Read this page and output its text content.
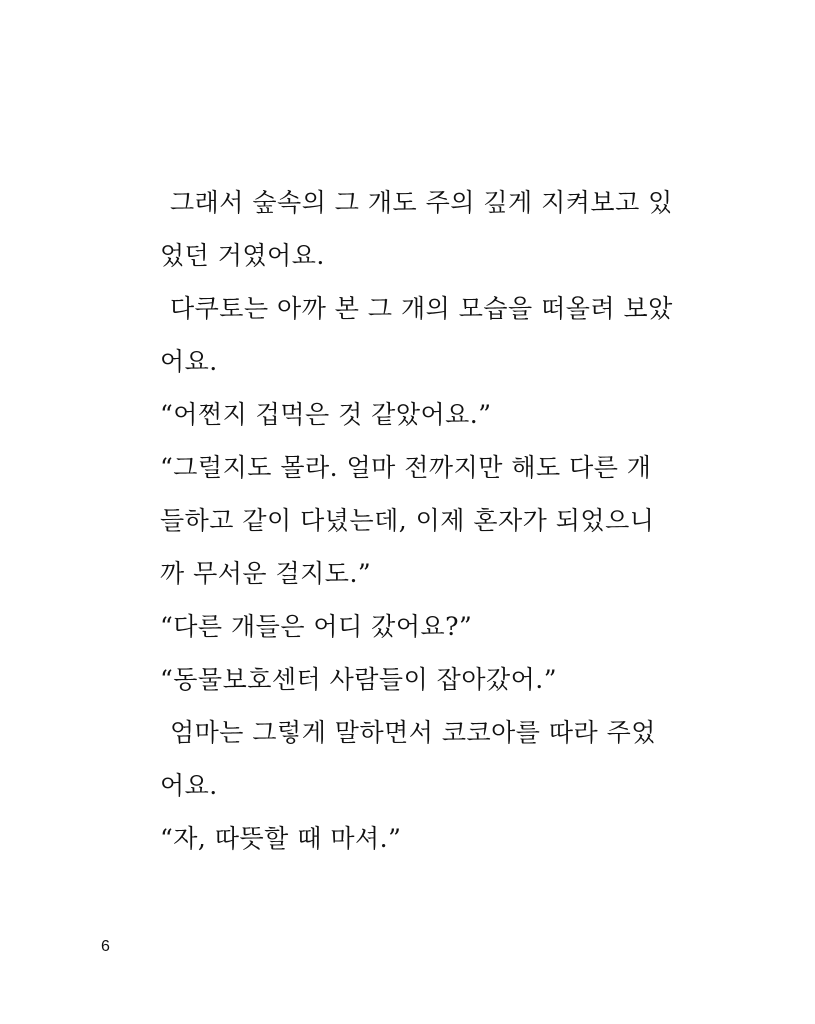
그래서 숲속의 그 개도 주의 깊게 지켜보고 있
었던 거였어요.
다쿠토는 아까 본 그 개의 모습을 떠올려 보았
어요.
“어쩐지 겁먹은 것 같았어요.”
“그럴지도 몰라. 얼마 전까지만 해도 다른 개
들하고 같이 다녔는데, 이제 혼자가 되었으니
까 무서운 걸지도.”
“다른 개들은 어디 갔어요?”
“동물보호센터 사람들이 잡아갔어.”
엄마는 그렇게 말하면서 코코아를 따라 주었
어요.
“자, 따뜻할 때 마셔.”
6
